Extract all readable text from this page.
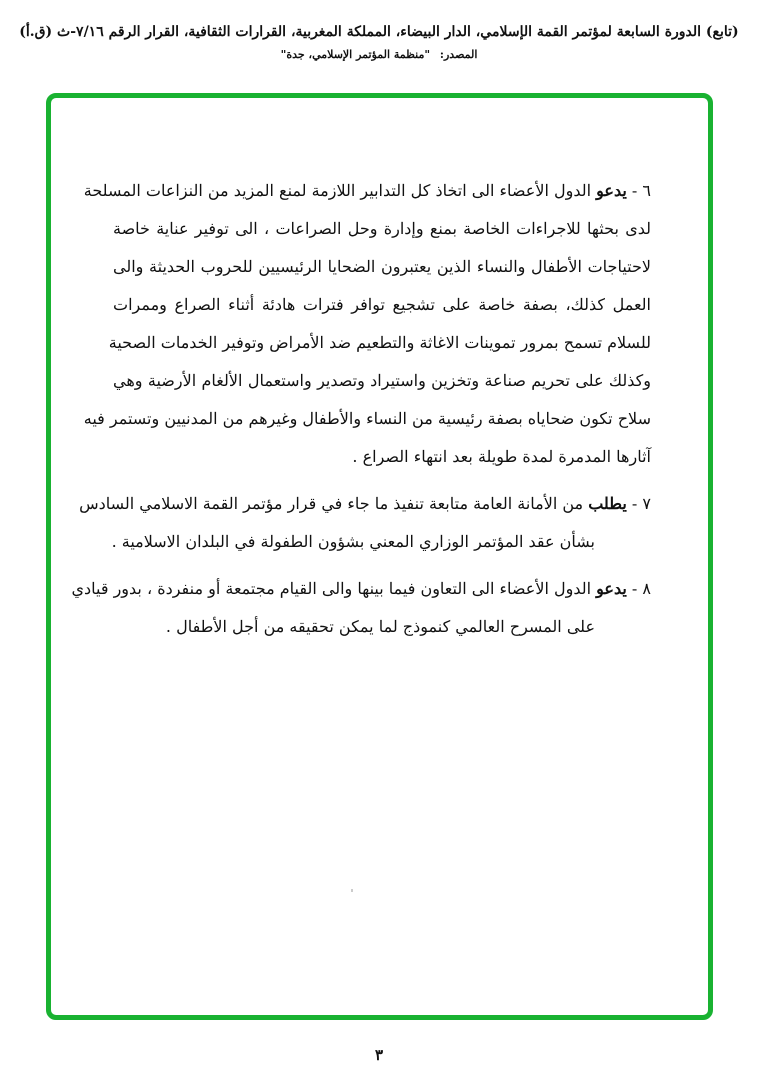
(تابع) الدورة السابعة لمؤتمر القمة الإسلامي، الدار البيضاء، المملكة المغربية، القرارات الثقافية، القرار الرقم ٧/١٦-ث (ق.أ)
المصدر: "منظمة المؤتمر الإسلامي، جدة"
٦ - يدعو الدول الأعضاء الى اتخاذ كل التدابير اللازمة لمنع المزيد من النزاعات المسلحة
لدى بحثها للاجراءات الخاصة بمنع وإدارة وحل الصراعات ، الى توفير عناية خاصة
لاحتياجات الأطفال والنساء الذين يعتبرون الضحايا الرئيسيين للحروب الحديثة والى
العمل كذلك، بصفة خاصة على تشجيع توافر فترات هادئة أثناء الصراع وممرات
للسلام تسمح بمرور تموينات الاغاثة والتطعيم ضد الأمراض وتوفير الخدمات الصحية
وكذلك على تحريم صناعة وتخزين واستيراد وتصدير واستعمال الألغام الأرضية وهي
سلاح تكون ضحاياه بصفة رئيسية من النساء والأطفال وغيرهم من المدنيين وتستمر فيه
آثارها المدمرة لمدة طويلة بعد انتهاء الصراع .
٧ - يطلب من الأمانة العامة متابعة تنفيذ ما جاء في قرار مؤتمر القمة الاسلامي السادس
بشأن عقد المؤتمر الوزاري المعني بشؤون الطفولة في البلدان الاسلامية .
٨ - يدعو الدول الأعضاء الى التعاون فيما بينها والى القيام مجتمعة أو منفردة ، بدور قيادي
على المسرح العالمي كنموذج لما يمكن تحقيقه من أجل الأطفال .
٣
